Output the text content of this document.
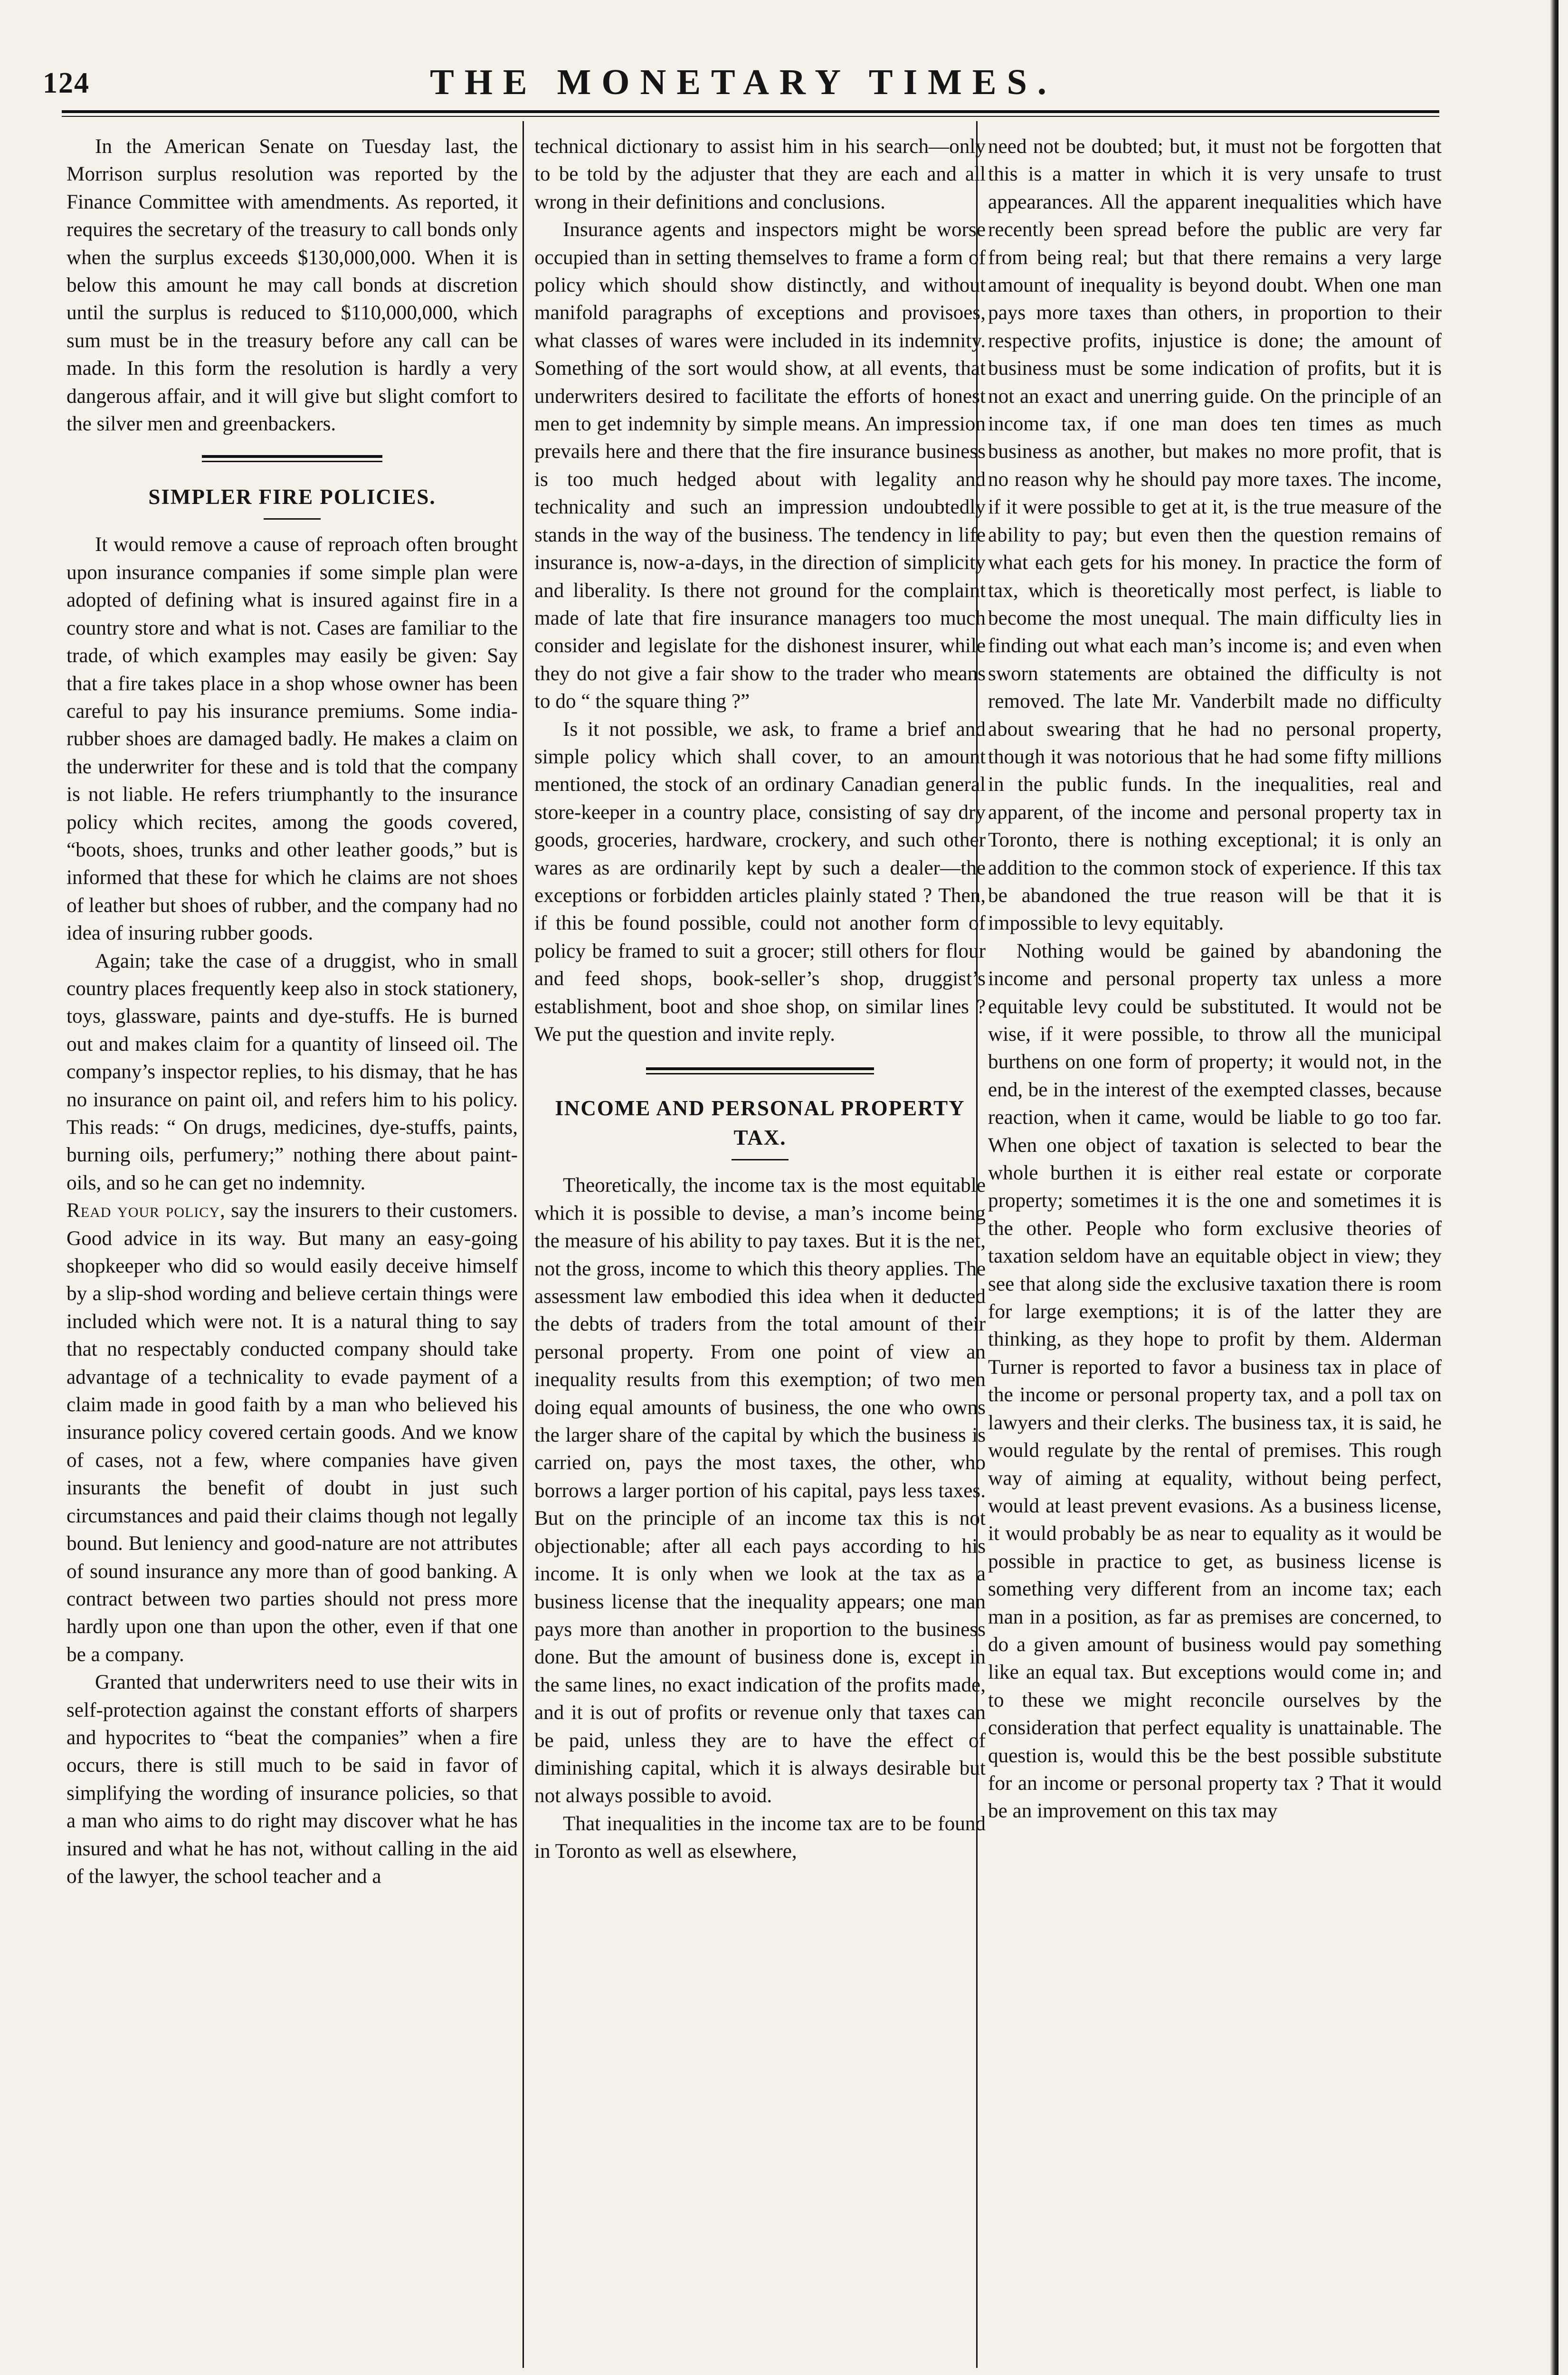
124	THE MONETARY TIMES.

In the American Senate on Tuesday last, the Morrison surplus resolution was reported by the Finance Committee with amendments. As reported, it requires the secretary of the treasury to call bonds only when the surplus exceeds $130,000,000. When it is below this amount he may call bonds at discretion until the surplus is reduced to $110,000,000, which sum must be in the treasury before any call can be made. In this form the resolution is hardly a very dangerous affair, and it will give but slight comfort to the silver men and greenbackers.

SIMPLER FIRE POLICIES.

It would remove a cause of reproach often brought upon insurance companies if some simple plan were adopted of defining what is insured against fire in a country store and what is not. Cases are familiar to the trade, of which examples may easily be given: Say that a fire takes place in a shop whose owner has been careful to pay his insurance premiums. Some india-rubber shoes are damaged badly. He makes a claim on the underwriter for these and is told that the company is not liable. He refers triumphantly to the insurance policy which recites, among the goods covered, “boots, shoes, trunks and other leather goods,” but is informed that these for which he claims are not shoes of leather but shoes of rubber, and the company had no idea of insuring rubber goods.

Again; take the case of a druggist, who in small country places frequently keep also in stock stationery, toys, glassware, paints and dye-stuffs. He is burned out and makes claim for a quantity of linseed oil. The company’s inspector replies, to his dismay, that he has no insurance on paint oil, and refers him to his policy. This reads: “ On drugs, medicines, dye-stuffs, paints, burning oils, perfumery;” nothing there about paint-oils, and so he can get no indemnity.

Read your policy, say the insurers to their customers. Good advice in its way. But many an easy-going shopkeeper who did so would easily deceive himself by a slip-shod wording and believe certain things were included which were not. It is a natural thing to say that no respectably conducted company should take advantage of a technicality to evade payment of a claim made in good faith by a man who believed his insurance policy covered certain goods. And we know of cases, not a few, where companies have given insurants the benefit of doubt in just such circumstances and paid their claims though not legally bound. But leniency and good-nature are not attributes of sound insurance any more than of good banking. A contract between two parties should not press more hardly upon one than upon the other, even if that one be a company.

Granted that underwriters need to use their wits in self-protection against the constant efforts of sharpers and hypocrites to “beat the companies” when a fire occurs, there is still much to be said in favor of simplifying the wording of insurance policies, so that a man who aims to do right may discover what he has insured and what he has not, without calling in the aid of the lawyer, the school teacher and a

technical dictionary to assist him in his search—only to be told by the adjuster that they are each and all wrong in their definitions and conclusions.

Insurance agents and inspectors might be worse occupied than in setting themselves to frame a form of policy which should show distinctly, and without manifold paragraphs of exceptions and provisoes, what classes of wares were included in its indemnity. Something of the sort would show, at all events, that underwriters desired to facilitate the efforts of honest men to get indemnity by simple means. An impression prevails here and there that the fire insurance business is too much hedged about with legality and technicality and such an impression undoubtedly stands in the way of the business. The tendency in life insurance is, now-a-days, in the direction of simplicity and liberality. Is there not ground for the complaint made of late that fire insurance managers too much consider and legislate for the dishonest insurer, while they do not give a fair show to the trader who means to do “ the square thing ?”

Is it not possible, we ask, to frame a brief and simple policy which shall cover, to an amount mentioned, the stock of an ordinary Canadian general store-keeper in a country place, consisting of say dry goods, groceries, hardware, crockery, and such other wares as are ordinarily kept by such a dealer—the exceptions or forbidden articles plainly stated ? Then, if this be found possible, could not another form of policy be framed to suit a grocer; still others for flour and feed shops, book-seller’s shop, druggist’s establishment, boot and shoe shop, on similar lines ? We put the question and invite reply.

INCOME AND PERSONAL PROPERTY TAX.

Theoretically, the income tax is the most equitable which it is possible to devise, a man’s income being the measure of his ability to pay taxes. But it is the net, not the gross, income to which this theory applies. The assessment law embodied this idea when it deducted the debts of traders from the total amount of their personal property. From one point of view an inequality results from this exemption; of two men doing equal amounts of business, the one who owns the larger share of the capital by which the business is carried on, pays the most taxes, the other, who borrows a larger portion of his capital, pays less taxes. But on the principle of an income tax this is not objectionable; after all each pays according to his income. It is only when we look at the tax as a business license that the inequality appears; one man pays more than another in proportion to the business done. But the amount of business done is, except in the same lines, no exact indication of the profits made, and it is out of profits or revenue only that taxes can be paid, unless they are to have the effect of diminishing capital, which it is always desirable but not always possible to avoid.

That inequalities in the income tax are to be found in Toronto as well as elsewhere,

need not be doubted; but, it must not be forgotten that this is a matter in which it is very unsafe to trust appearances. All the apparent inequalities which have recently been spread before the public are very far from being real; but that there remains a very large amount of inequality is beyond doubt. When one man pays more taxes than others, in proportion to their respective profits, injustice is done; the amount of business must be some indication of profits, but it is not an exact and unerring guide. On the principle of an income tax, if one man does ten times as much business as another, but makes no more profit, that is no reason why he should pay more taxes. The income, if it were possible to get at it, is the true measure of the ability to pay; but even then the question remains of what each gets for his money. In practice the form of tax, which is theoretically most perfect, is liable to become the most unequal. The main difficulty lies in finding out what each man’s income is; and even when sworn statements are obtained the difficulty is not removed. The late Mr. Vanderbilt made no difficulty about swearing that he had no personal property, though it was notorious that he had some fifty millions in the public funds. In the inequalities, real and apparent, of the income and personal property tax in Toronto, there is nothing exceptional; it is only an addition to the common stock of experience. If this tax be abandoned the true reason will be that it is impossible to levy equitably.

Nothing would be gained by abandoning the income and personal property tax unless a more equitable levy could be substituted. It would not be wise, if it were possible, to throw all the municipal burthens on one form of property; it would not, in the end, be in the interest of the exempted classes, because reaction, when it came, would be liable to go too far. When one object of taxation is selected to bear the whole burthen it is either real estate or corporate property; sometimes it is the one and sometimes it is the other. People who form exclusive theories of taxation seldom have an equitable object in view; they see that along side the exclusive taxation there is room for large exemptions; it is of the latter they are thinking, as they hope to profit by them. Alderman Turner is reported to favor a business tax in place of the income or personal property tax, and a poll tax on lawyers and their clerks. The business tax, it is said, he would regulate by the rental of premises. This rough way of aiming at equality, without being perfect, would at least prevent evasions. As a business license, it would probably be as near to equality as it would be possible in practice to get, as business license is something very different from an income tax; each man in a position, as far as premises are concerned, to do a given amount of business would pay something like an equal tax. But exceptions would come in; and to these we might reconcile ourselves by the consideration that perfect equality is unattainable. The question is, would this be the best possible substitute for an income or personal property tax ? That it would be an improvement on this tax may
